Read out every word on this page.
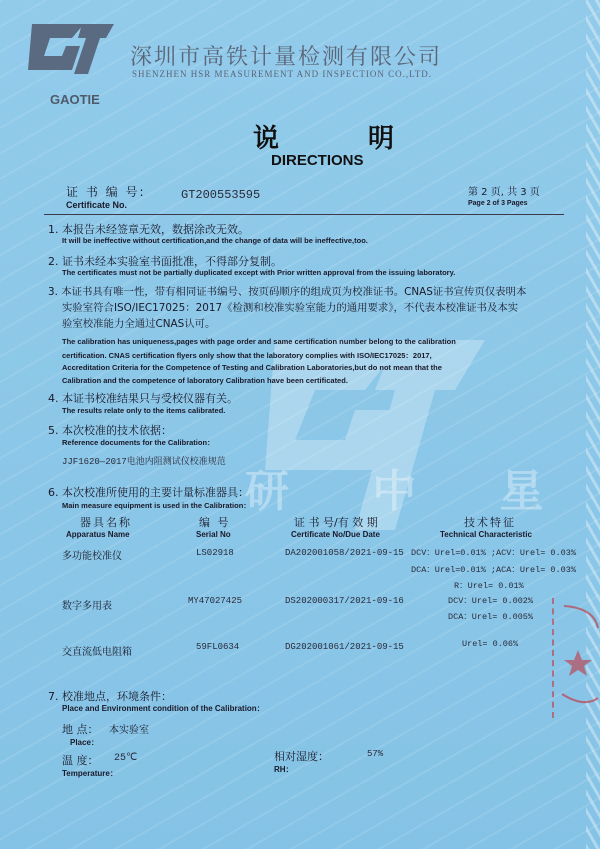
研 中 星
GAOTIE
深圳市高铁计量检测有限公司
SHENZHEN HSR MEASUREMENT AND INSPECTION CO.,LTD.
说 明
DIRECTIONS
证 书 编 号:
Certificate No.
GT200553595	第 2 页, 共 3 页
Page 2 of 3 Pages
1. 本报告未经签章无效，数据涂改无效。
It will be ineffective without certification,and the change of data will be ineffective,too.
2. 证书未经本实验室书面批准，不得部分复制。
The certificates must not be partially duplicated except with Prior written approval from the issuing laboratory.
3. 本证书具有唯一性，带有相同证书编号、按页码顺序的组成页为校准证书。CNAS证书宣传页仅表明本
实验室符合ISO/IEC17025：2017《检测和校准实验室能力的通用要求》，不代表本校准证书及本实
验室校准能力全通过CNAS认可。
The calibration has uniqueness,pages with page order and same certification number belong to the calibration
certification. CNAS certification flyers only show that the laboratory complies with ISO/IEC17025：2017,
Accreditation Criteria for the Competence of Testing and Calibration Laboratories,but do not mean that the
Calibration and the competence of laboratory Calibration have been certificated.
4. 本证书校准结果只与受校仪器有关。
The results relate only to the items calibrated.
5. 本次校准的技术依据：
Reference documents for the Calibration：
JJF1620—2017电池内阻测试仪校准规范
6. 本次校准所使用的主要计量标准器具：
Main measure equipment is used in the Calibration：
器具名称	编 号	证 书 号/有 效 期	技术特征
Apparatus Name	Serial No	Certificate No/Due Date	Technical Characteristic
多功能校准仪	LS02918	DA202001058/2021-09-15 DCV：Urel=0.01% ;ACV：Urel= 0.03%
DCA：Urel=0.01% ;ACA：Urel= 0.03%
R：Urel= 0.01%
数字多用表	MY47027425	DS202000317/2021-09-16	DCV：Urel= 0.002%
DCA：Urel= 0.005%
交直流低电阻箱	59FL0634	DG202001061/2021-09-15	Urel= 0.06%
7. 校准地点，环境条件：
Place and Environment condition of the Calibration：
地 点： 本实验室
Place：
温 度： 25℃
Temperature：
相对湿度：	57%
RH：
